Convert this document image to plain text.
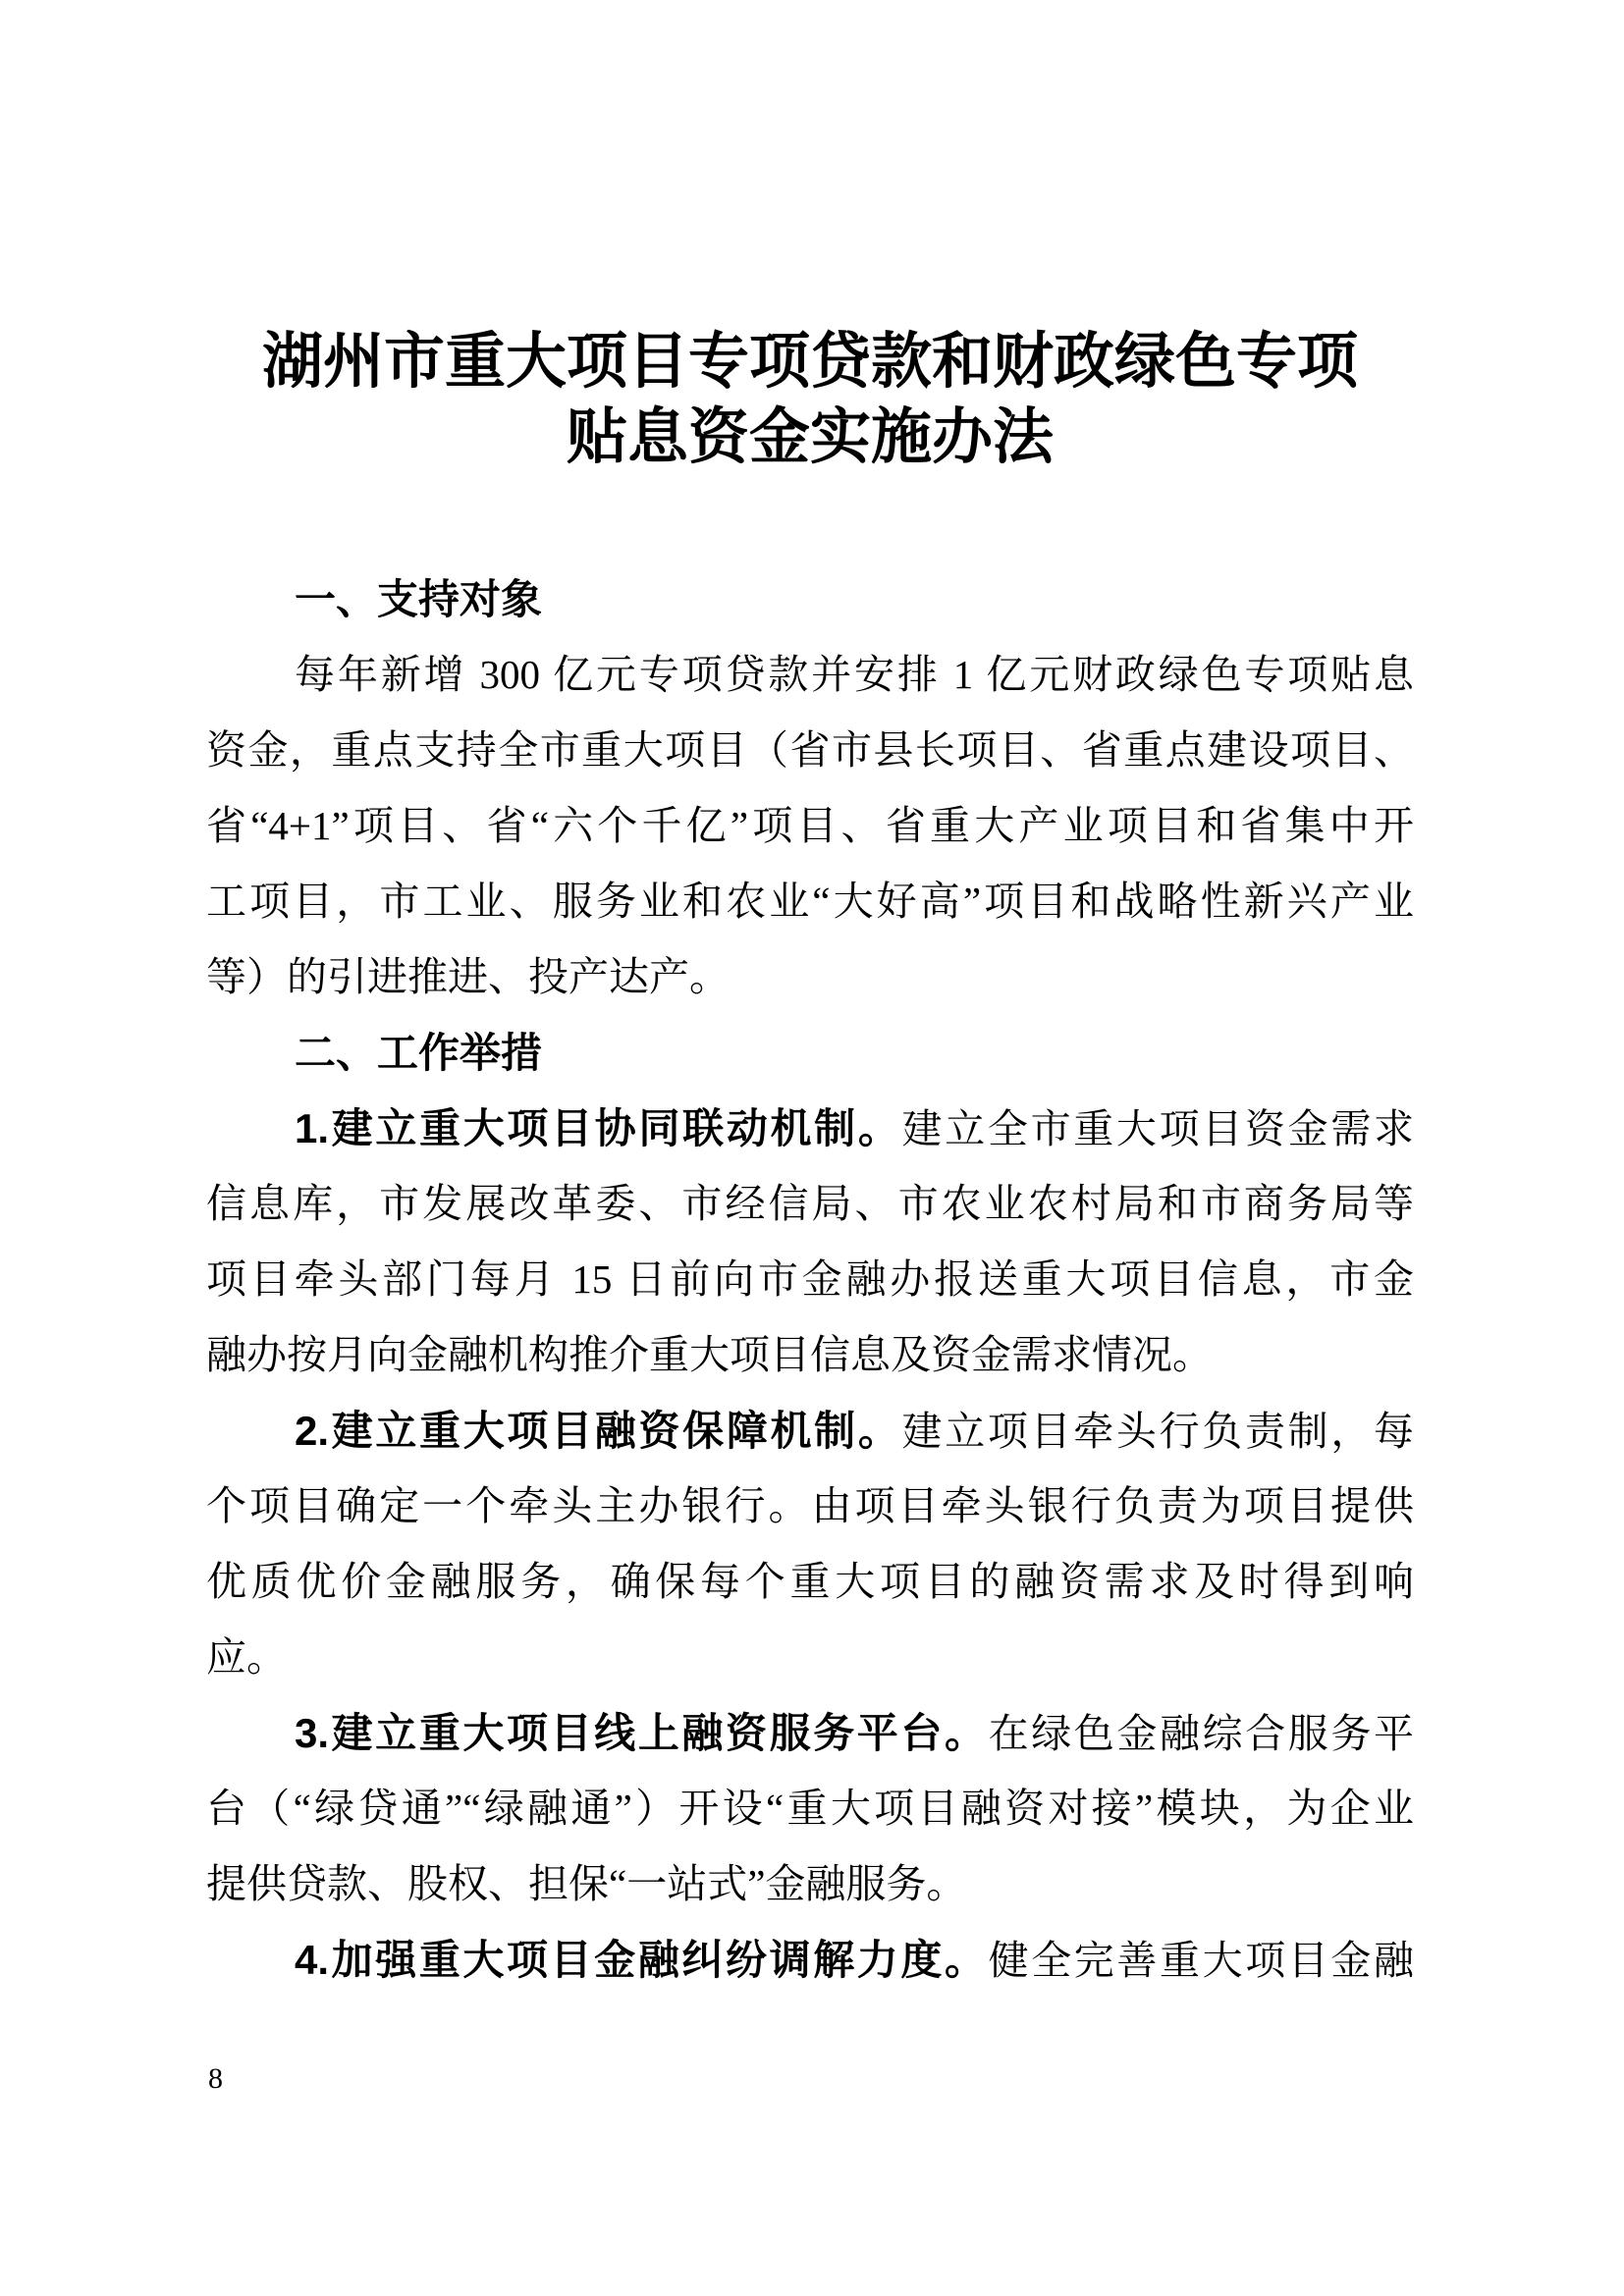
湖州市重大项目专项贷款和财政绿色专项
贴息资金实施办法
一、支持对象
每年新增 300 亿元专项贷款并安排 1 亿元财政绿色专项贴息
资金，重点支持全市重大项目（省市县长项目、省重点建设项目、
省“4+1”项目、省“六个千亿”项目、省重大产业项目和省集中开
工项目，市工业、服务业和农业“大好高”项目和战略性新兴产业
等）的引进推进、投产达产。
二、工作举措
1.建立重大项目协同联动机制。建立全市重大项目资金需求
信息库，市发展改革委、市经信局、市农业农村局和市商务局等
项目牵头部门每月 15 日前向市金融办报送重大项目信息，市金
融办按月向金融机构推介重大项目信息及资金需求情况。
2.建立重大项目融资保障机制。建立项目牵头行负责制，每
个项目确定一个牵头主办银行。由项目牵头银行负责为项目提供
优质优价金融服务，确保每个重大项目的融资需求及时得到响
应。
3.建立重大项目线上融资服务平台。在绿色金融综合服务平
台（“绿贷通”“绿融通”）开设“重大项目融资对接”模块，为企业
提供贷款、股权、担保“一站式”金融服务。
4.加强重大项目金融纠纷调解力度。健全完善重大项目金融
8
